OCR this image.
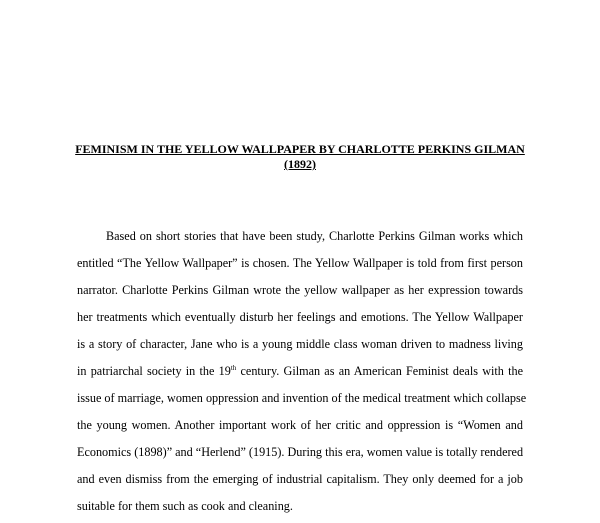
FEMINISM IN THE YELLOW WALLPAPER BY CHARLOTTE PERKINS GILMAN
(1892)
Based on short stories that have been study, Charlotte Perkins Gilman works which
entitled “The Yellow Wallpaper” is chosen. The Yellow Wallpaper is told from first person
narrator. Charlotte Perkins Gilman wrote the yellow wallpaper as her expression towards
her treatments which eventually disturb her feelings and emotions. The Yellow Wallpaper
is a story of character, Jane who is a young middle class woman driven to madness living
in patriarchal society in the 19th century. Gilman as an American Feminist deals with the
issue of marriage, women oppression and invention of the medical treatment which collapse
the young women. Another important work of her critic and oppression is “Women and
Economics (1898)” and “Herlend” (1915). During this era, women value is totally rendered
and even dismiss from the emerging of industrial capitalism. They only deemed for a job
suitable for them such as cook and cleaning.
